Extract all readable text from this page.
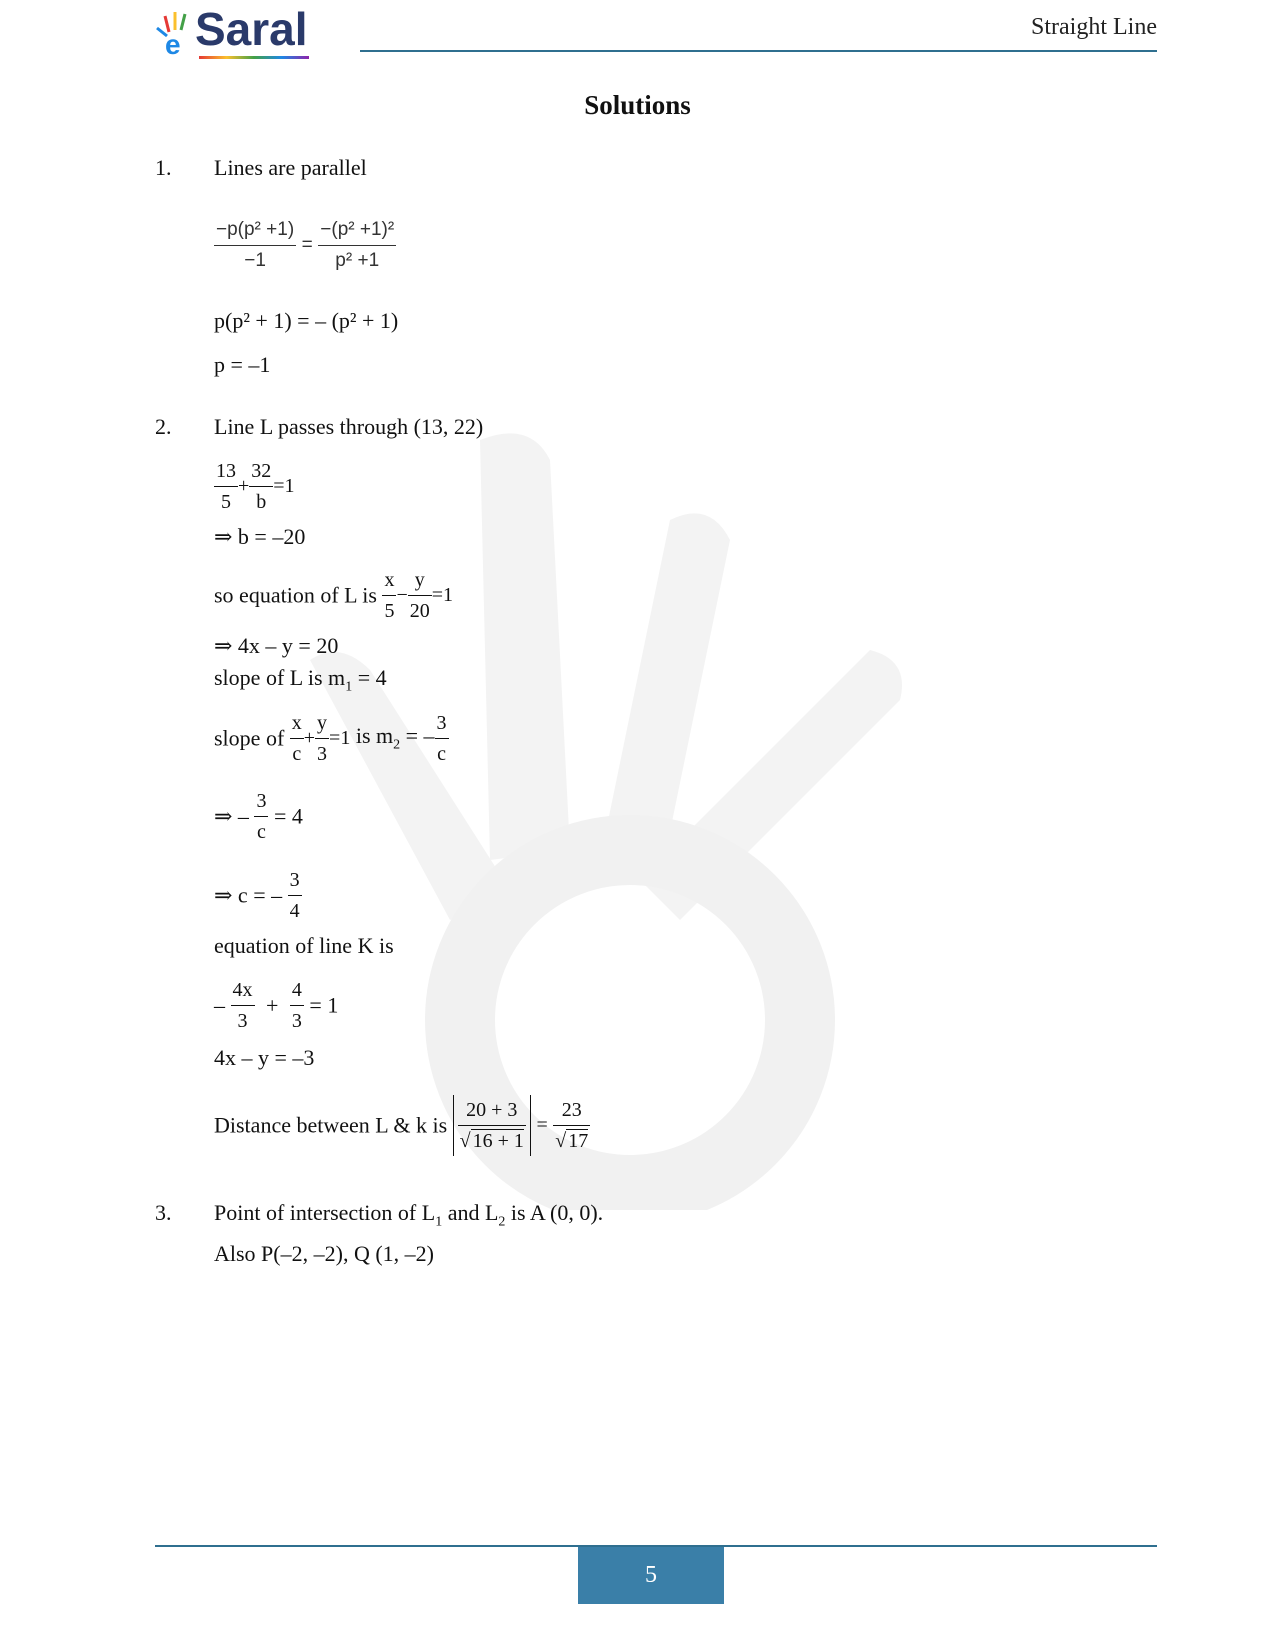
e Saral	Straight Line
Solutions
1. Lines are parallel
$\frac{\text{−p(p² +1)}}{-1} = \frac{\text{−(p² +1)²}}{\text{p² +1}}$
p(p² + 1) = – (p² + 1)
p = –1
2. Line L passes through (13, 22)
$\frac{13}{5} + \frac{32}{b} =1$
⇒ b = –20
so equation of L is $\frac{x}{5} - \frac{y}{20} =1$
⇒ 4x – y = 20
slope of L is $m_1 = 4$
slope of $\frac{x}{c} + \frac{y}{3} =1$ is $m_2$ = – $\frac{3}{c}$
⇒ – $\frac{3}{c} = 4$
⇒ c = – $\frac{3}{4}$
equation of line K is
– $\frac{4x}{3} + \frac{4}{3} = 1$
4x – y = –3
Distance between L & k is $\frac{20 + 3}{√ 16 + 1} = \frac{23}{√ 17}$
3. Point of intersection of $L_1$ and $L_2$ is A (0, 0).
Also P(–2, –2), Q (1, –2)
5
